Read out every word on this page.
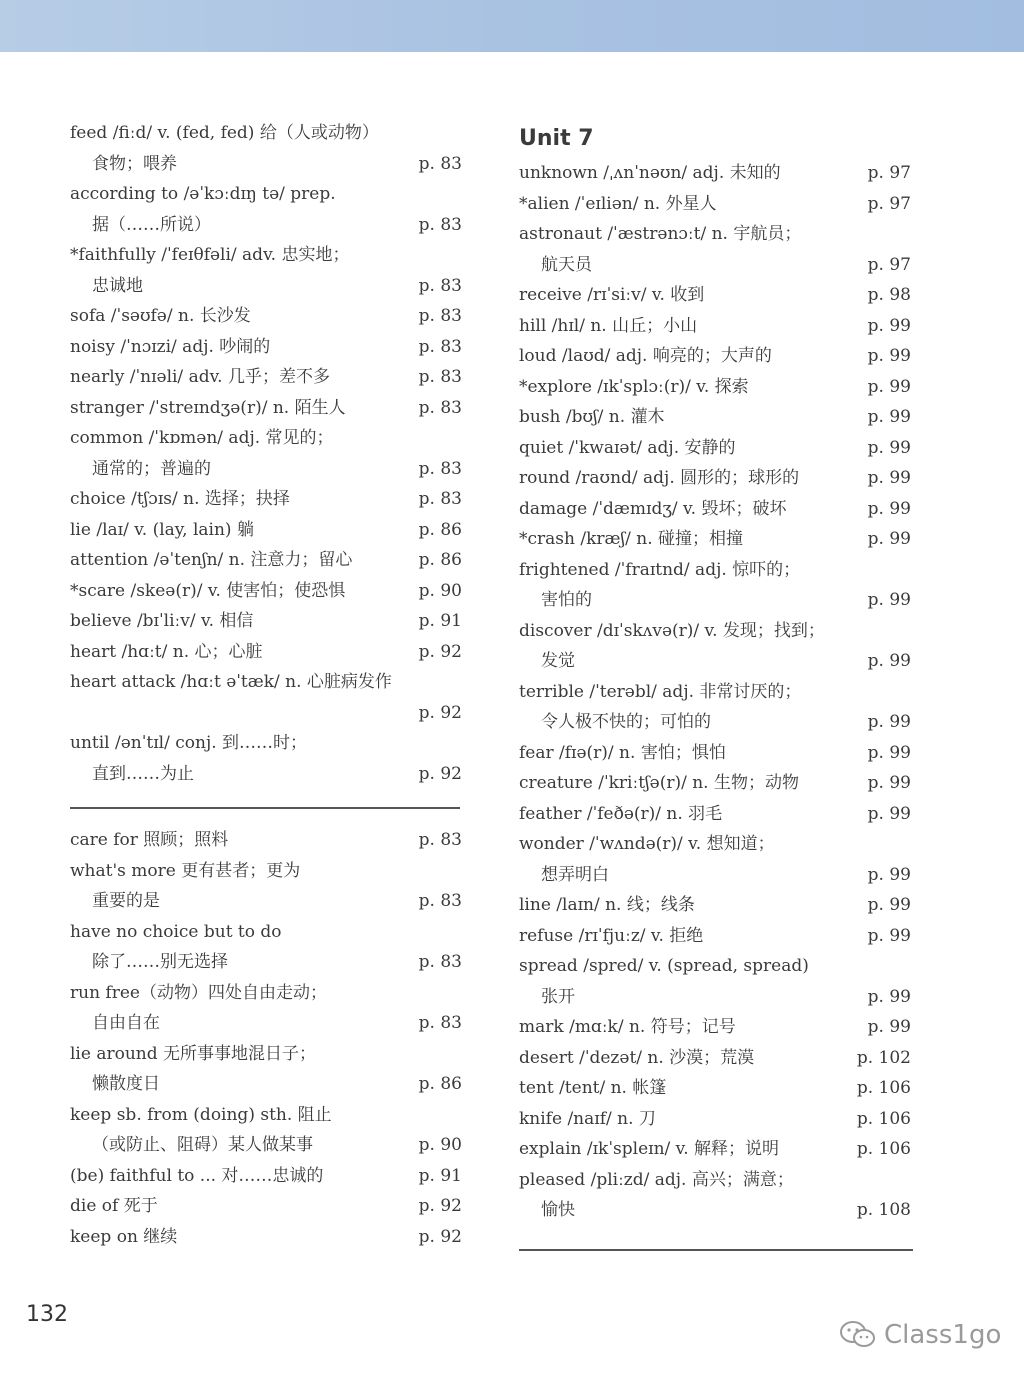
feed /fiːd/ v. (fed, fed) 给（人或动物）
食物；喂养	p. 83
according to /əˈkɔːdɪŋ tə/ prep.
据（……所说）	p. 83
*faithfully /ˈfeɪθfəli/ adv. 忠实地；
忠诚地	p. 83
sofa /ˈsəʊfə/ n. 长沙发	p. 83
noisy /ˈnɔɪzi/ adj. 吵闹的	p. 83
nearly /ˈnɪəli/ adv. 几乎；差不多	p. 83
stranger /ˈstreɪndʒə(r)/ n. 陌生人	p. 83
common /ˈkɒmən/ adj. 常见的；
通常的；普遍的	p. 83
choice /tʃɔɪs/ n. 选择；抉择	p. 83
lie /laɪ/ v. (lay, lain) 躺	p. 86
attention /əˈtenʃn/ n. 注意力；留心	p. 86
*scare /skeə(r)/ v. 使害怕；使恐惧	p. 90
believe /bɪˈliːv/ v. 相信	p. 91
heart /hɑːt/ n. 心；心脏	p. 92
heart attack /hɑːt əˈtæk/ n. 心脏病发作
p. 92
until /ənˈtɪl/ conj. 到……时；
直到……为止	p. 92
care for 照顾；照料	p. 83
what's more 更有甚者；更为
重要的是	p. 83
have no choice but to do
除了……别无选择	p. 83
run free（动物）四处自由走动；
自由自在	p. 83
lie around 无所事事地混日子；
懒散度日	p. 86
keep sb. from (doing) sth. 阻止
（或防止、阻碍）某人做某事	p. 90
(be) faithful to ... 对……忠诚的	p. 91
die of 死于	p. 92
keep on 继续	p. 92
Unit 7
unknown /ˌʌnˈnəʊn/ adj. 未知的	p. 97
*alien /ˈeɪliən/ n. 外星人	p. 97
astronaut /ˈæstrənɔːt/ n. 宇航员；
航天员	p. 97
receive /rɪˈsiːv/ v. 收到	p. 98
hill /hɪl/ n. 山丘；小山	p. 99
loud /laʊd/ adj. 响亮的；大声的	p. 99
*explore /ɪkˈsplɔː(r)/ v. 探索	p. 99
bush /bʊʃ/ n. 灌木	p. 99
quiet /ˈkwaɪət/ adj. 安静的	p. 99
round /raʊnd/ adj. 圆形的；球形的	p. 99
damage /ˈdæmɪdʒ/ v. 毁坏；破坏	p. 99
*crash /kræʃ/ n. 碰撞；相撞	p. 99
frightened /ˈfraɪtnd/ adj. 惊吓的；
害怕的	p. 99
discover /dɪˈskʌvə(r)/ v. 发现；找到；
发觉	p. 99
terrible /ˈterəbl/ adj. 非常讨厌的；
令人极不快的；可怕的	p. 99
fear /fɪə(r)/ n. 害怕；惧怕	p. 99
creature /ˈkriːtʃə(r)/ n. 生物；动物	p. 99
feather /ˈfeðə(r)/ n. 羽毛	p. 99
wonder /ˈwʌndə(r)/ v. 想知道；
想弄明白	p. 99
line /laɪn/ n. 线；线条	p. 99
refuse /rɪˈfjuːz/ v. 拒绝	p. 99
spread /spred/ v. (spread, spread)
张开	p. 99
mark /mɑːk/ n. 符号；记号	p. 99
desert /ˈdezət/ n. 沙漠；荒漠	p. 102
tent /tent/ n. 帐篷	p. 106
knife /naɪf/ n. 刀	p. 106
explain /ɪkˈspleɪn/ v. 解释；说明	p. 106
pleased /pliːzd/ adj. 高兴；满意；
愉快	p. 108
132
Class1go
